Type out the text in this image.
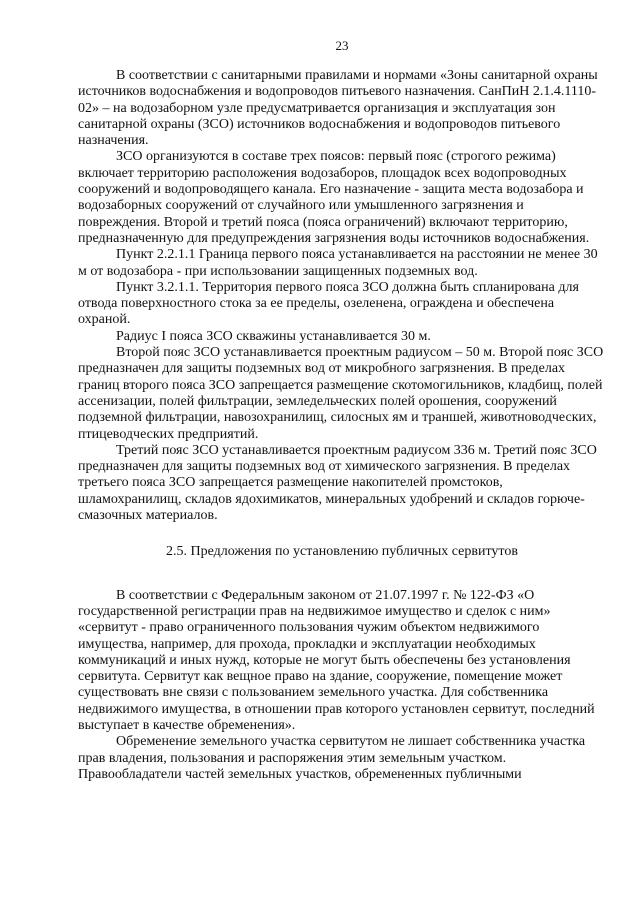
23

В соответствии с санитарными правилами и нормами «Зоны санитарной охраны источников водоснабжения и водопроводов питьевого назначения. СанПиН 2.1.4.1110-02» – на водозаборном узле предусматривается организация и эксплуатация зон санитарной охраны (ЗСО) источников водоснабжения и водопроводов питьевого назначения.

ЗСО организуются в составе трех поясов: первый пояс (строгого режима) включает территорию расположения водозаборов, площадок всех водопроводных сооружений и водопроводящего канала. Его назначение - защита места водозабора и водозаборных сооружений от случайного или умышленного загрязнения и повреждения. Второй и третий пояса (пояса ограничений) включают территорию, предназначенную для предупреждения загрязнения воды источников водоснабжения.

Пункт 2.2.1.1 Граница первого пояса устанавливается на расстоянии не менее 30 м от водозабора - при использовании защищенных подземных вод.

Пункт 3.2.1.1. Территория первого пояса ЗСО должна быть спланирована для отвода поверхностного стока за ее пределы, озеленена, ограждена и обеспечена охраной.

Радиус I пояса ЗСО скважины устанавливается 30 м.

Второй пояс ЗСО устанавливается проектным радиусом – 50 м. Второй пояс ЗСО предназначен для защиты подземных вод от микробного загрязнения. В пределах границ второго пояса ЗСО запрещается размещение скотомогильников, кладбищ, полей ассенизации, полей фильтрации, земледельческих полей орошения, сооружений подземной фильтрации, навозохранилищ, силосных ям и траншей, животноводческих, птицеводческих предприятий.

Третий пояс ЗСО устанавливается проектным радиусом 336 м. Третий пояс ЗСО предназначен для защиты подземных вод от химического загрязнения. В пределах третьего пояса ЗСО запрещается размещение накопителей промстоков, шламохранилищ, складов ядохимикатов, минеральных удобрений и складов горюче-смазочных материалов.

2.5. Предложения по установлению публичных сервитутов

В соответствии с Федеральным законом от 21.07.1997 г. № 122-ФЗ «О государственной регистрации прав на недвижимое имущество и сделок с ним» «сервитут - право ограниченного пользования чужим объектом недвижимого имущества, например, для прохода, прокладки и эксплуатации необходимых коммуникаций и иных нужд, которые не могут быть обеспечены без установления сервитута. Сервитут как вещное право на здание, сооружение, помещение может существовать вне связи с пользованием земельного участка. Для собственника недвижимого имущества, в отношении прав которого установлен сервитут, последний выступает в качестве обременения».

Обременение земельного участка сервитутом не лишает собственника участка прав владения, пользования и распоряжения этим земельным участком. Правообладатели частей земельных участков, обремененных публичными
